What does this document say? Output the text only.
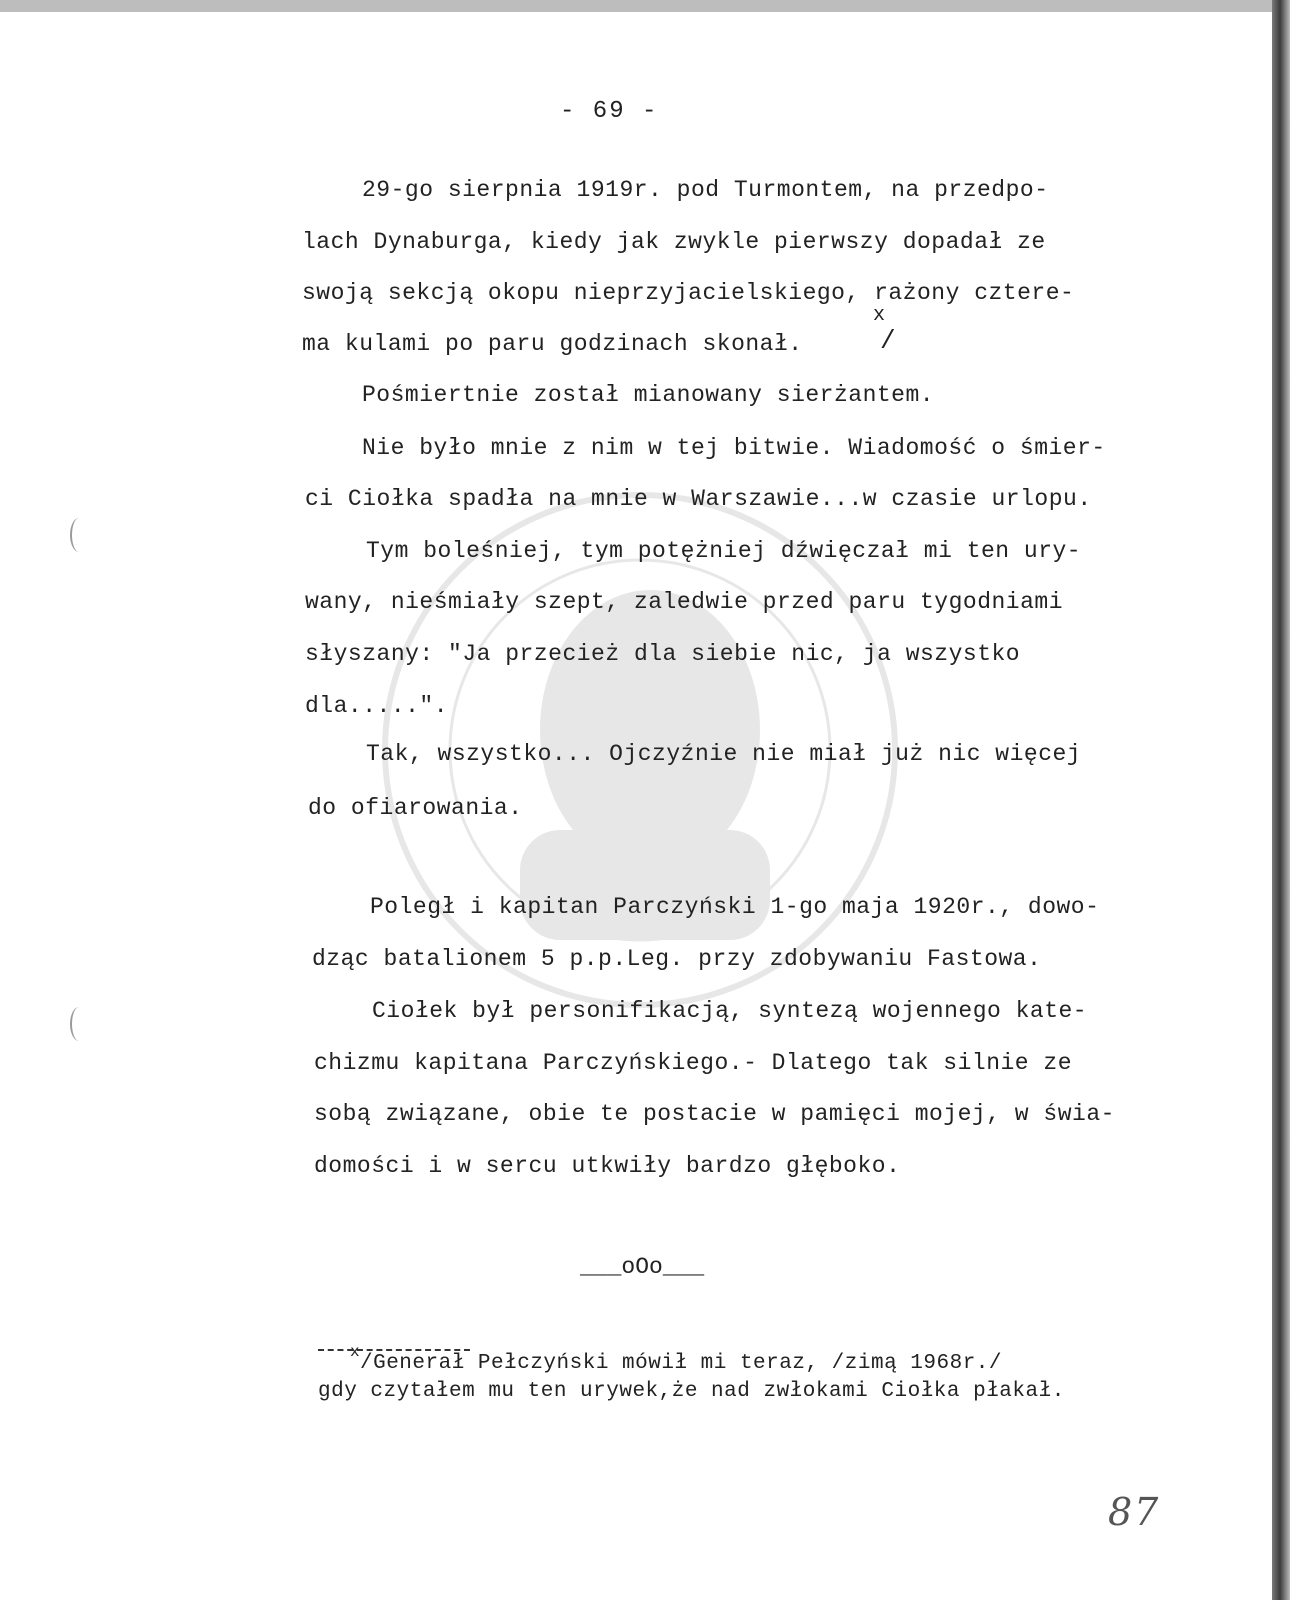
- 69 -
29-go sierpnia 1919r. pod Turmontem, na przedpo-
lach Dynaburga, kiedy jak zwykle pierwszy dopadał ze
swoją sekcją okopu nieprzyjacielskiego, rażony cztere-
x
ma kulami po paru godzinach skonał.	/
Pośmiertnie został mianowany sierżantem.
Nie było mnie z nim w tej bitwie. Wiadomość o śmier-
ci Ciołka spadła na mnie w Warszawie...w czasie urlopu.
Tym boleśniej, tym potężniej dźwięczał mi ten ury-
wany, nieśmiały szept, zaledwie przed paru tygodniami
słyszany: "Ja przecież dla siebie nic, ja wszystko
dla.....".
Tak, wszystko... Ojczyźnie nie miał już nic więcej
do ofiarowania.
Poległ i kapitan Parczyński 1-go maja 1920r., dowo-
dząc batalionem 5 p.p.Leg. przy zdobywaniu Fastowa.
Ciołek był personifikacją, syntezą wojennego kate-
chizmu kapitana Parczyńskiego.- Dlatego tak silnie ze
sobą związane, obie te postacie w pamięci mojej, w świa-
domości i w sercu utkwiły bardzo głęboko.
___oOo___
x /Generał Pełczyński mówił mi teraz, /zimą 1968r./
gdy czytałem mu ten urywek,że nad zwłokami Ciołka płakał.
87
